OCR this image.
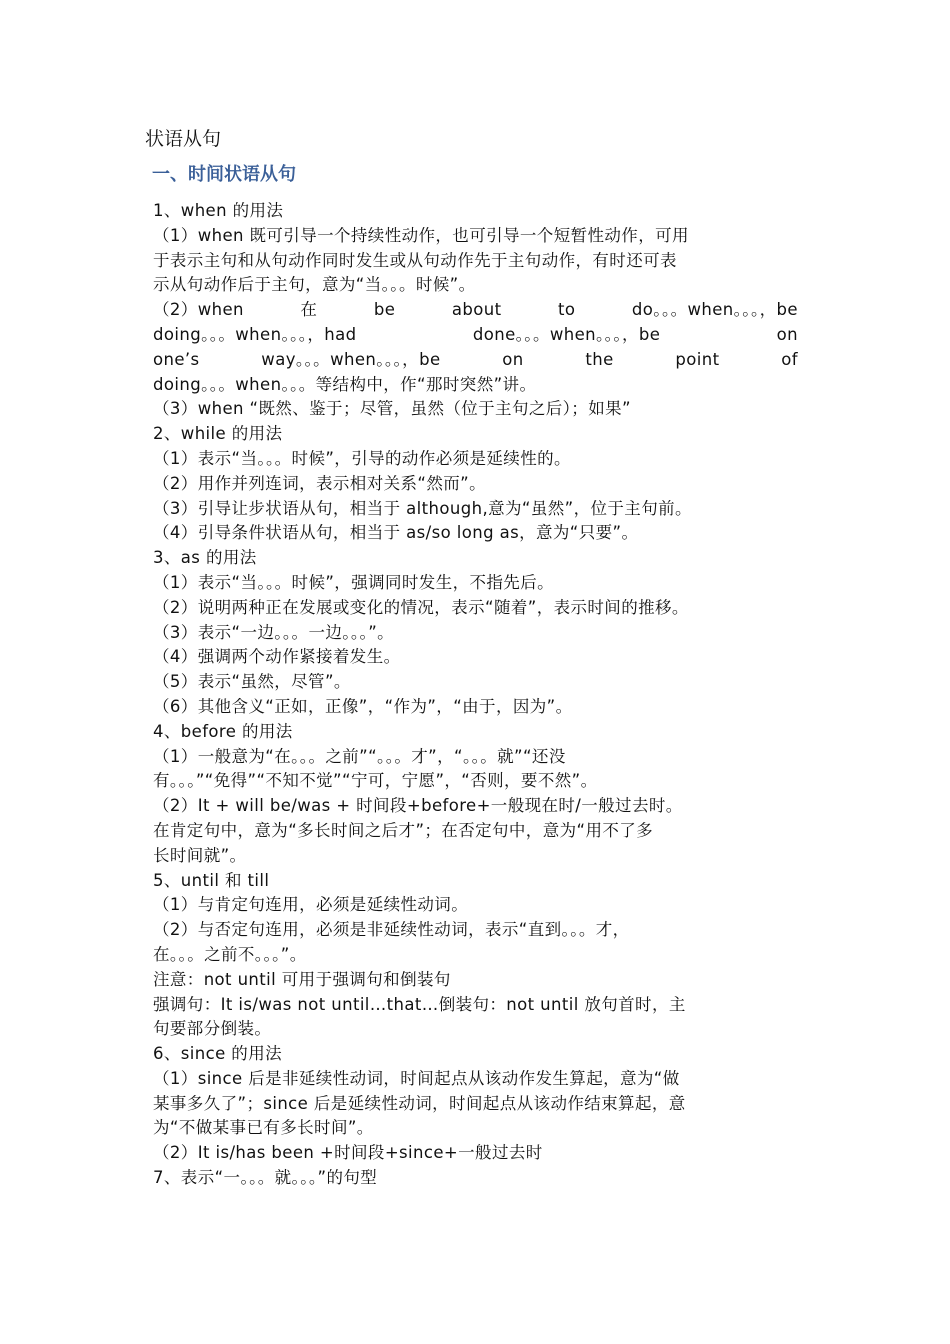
状语从句
一、时间状语从句
1、when 的用法
（1）when 既可引导一个持续性动作，也可引导一个短暂性动作，可用
于表示主句和从句动作同时发生或从句动作先于主句动作，有时还可表
示从句动作后于主句，意为“当。。。时候”。
（2）when	在	be	about	to	do。。。when。。。，be
doing。。。when。。。，had	done。。。when。。。，be	on
one’s	way。。。when。。。，be	on	the	point	of
doing。。。when。。。等结构中，作“那时突然”讲。
（3）when “既然、鉴于；尽管，虽然（位于主句之后）；如果”
2、while 的用法
（1）表示“当。。。时候”，引导的动作必须是延续性的。
（2）用作并列连词，表示相对关系“然而”。
（3）引导让步状语从句，相当于 although,意为“虽然”，位于主句前。
（4）引导条件状语从句，相当于 as/so long as，意为“只要”。
3、as 的用法
（1）表示“当。。。时候”，强调同时发生，不指先后。
（2）说明两种正在发展或变化的情况，表示“随着”，表示时间的推移。
（3）表示“一边。。。一边。。。”。
（4）强调两个动作紧接着发生。
（5）表示“虽然，尽管”。
（6）其他含义“正如，正像”，“作为”，“由于，因为”。
4、before 的用法
（1）一般意为“在。。。之前”“。。。才”，“。。。就”“还没
有。。。”“免得”“不知不觉”“宁可，宁愿”，“否则，要不然”。
（2）It + will be/was + 时间段+before+一般现在时/一般过去时。
在肯定句中，意为“多长时间之后才”；在否定句中，意为“用不了多
长时间就”。
5、until 和 till
（1）与肯定句连用，必须是延续性动词。
（2）与否定句连用，必须是非延续性动词，表示“直到。。。才，
在。。。之前不。。。”。
注意：not until 可用于强调句和倒装句
强调句：It is/was not until…that…倒装句：not until 放句首时，主
句要部分倒装。
6、since 的用法
（1）since 后是非延续性动词，时间起点从该动作发生算起，意为“做
某事多久了”；since 后是延续性动词，时间起点从该动作结束算起，意
为“不做某事已有多长时间”。
（2）It is/has been +时间段+since+一般过去时
7、表示“一。。。就。。。”的句型
